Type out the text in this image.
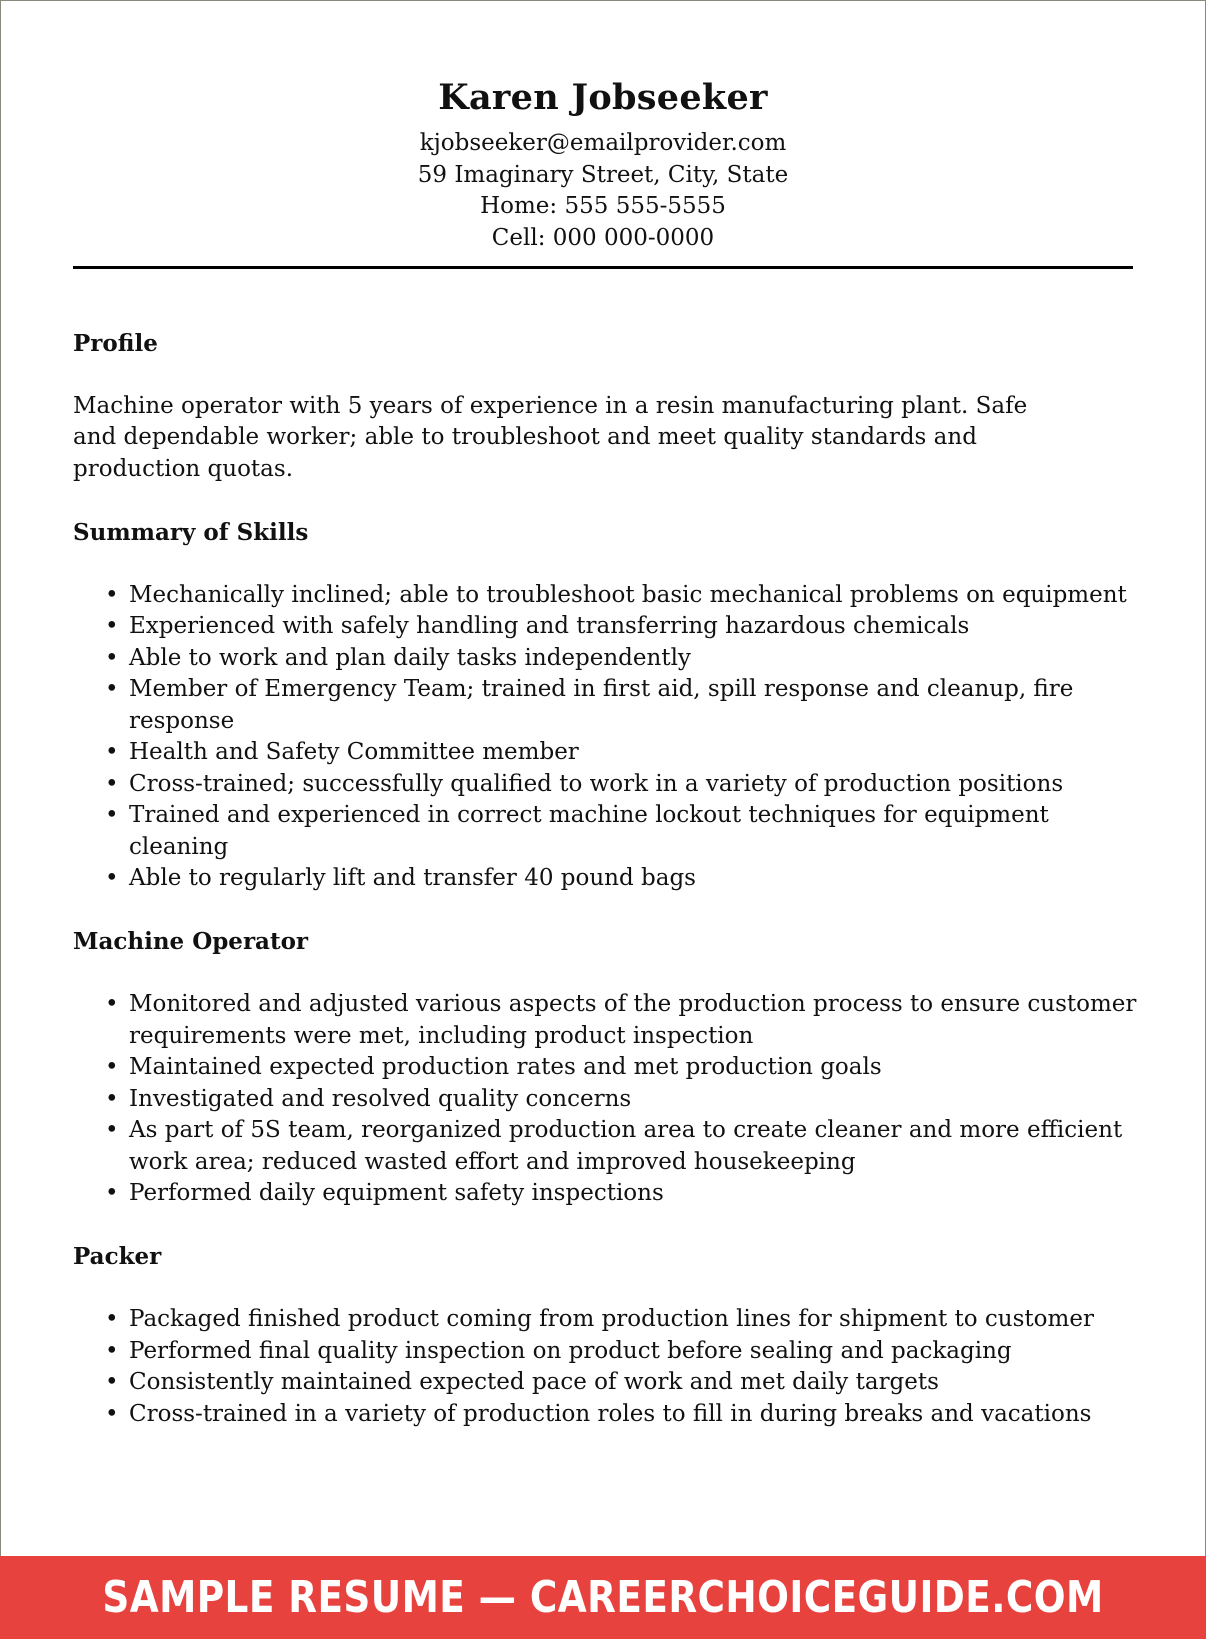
Karen Jobseeker

kjobseeker@emailprovider.com

59 Imaginary Street, City, State

Home: 555 555-5555

Cell: 000 000-0000

Profile

Machine operator with 5 years of experience in a resin manufacturing plant. Safe and dependable worker; able to troubleshoot and meet quality standards and production quotas.

Summary of Skills
• Mechanically inclined; able to troubleshoot basic mechanical problems on equipment
• Experienced with safely handling and transferring hazardous chemicals
• Able to work and plan daily tasks independently
• Member of Emergency Team; trained in first aid, spill response and cleanup, fire response
• Health and Safety Committee member
• Cross-trained; successfully qualified to work in a variety of production positions
• Trained and experienced in correct machine lockout techniques for equipment cleaning
• Able to regularly lift and transfer 40 pound bags
Machine Operator
• Monitored and adjusted various aspects of the production process to ensure customer requirements were met, including product inspection
• Maintained expected production rates and met production goals
• Investigated and resolved quality concerns
• As part of 5S team, reorganized production area to create cleaner and more efficient work area; reduced wasted effort and improved housekeeping
• Performed daily equipment safety inspections
Packer
• Packaged finished product coming from production lines for shipment to customer
• Performed final quality inspection on product before sealing and packaging
• Consistently maintained expected pace of work and met daily targets
• Cross-trained in a variety of production roles to fill in during breaks and vacations
SAMPLE RESUME — CAREERCHOICEGUIDE.COM
